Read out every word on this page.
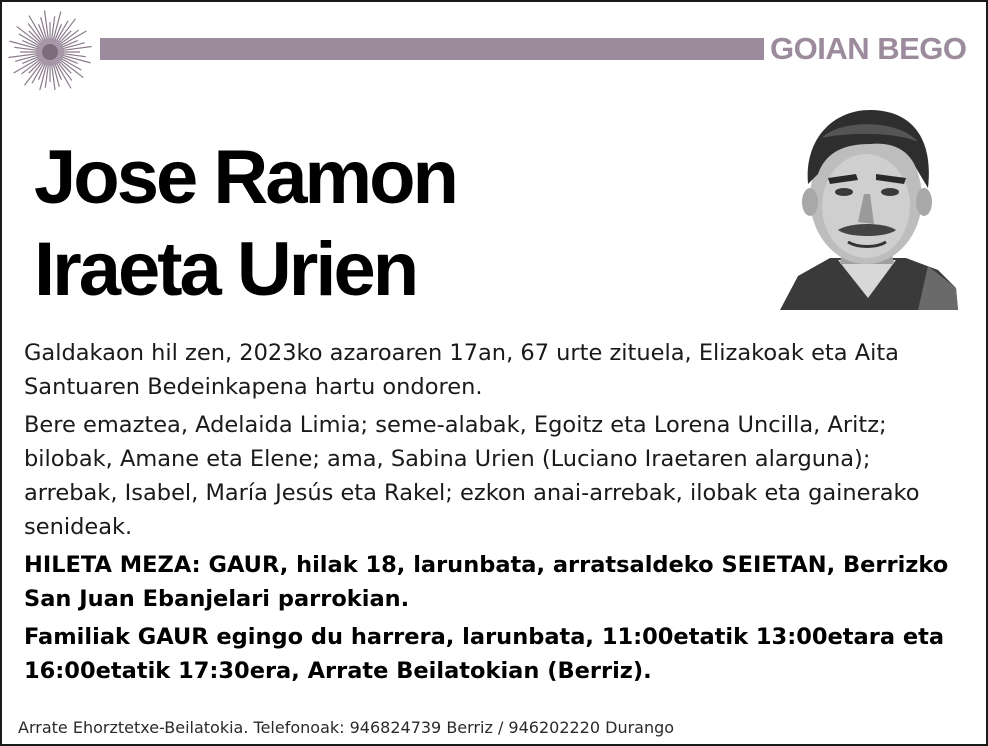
GOIAN BEGO
Jose Ramon
Iraeta Urien

Galdakaon hil zen, 2023ko azaroaren 17an, 67 urte zituela, Elizakoak eta Aita Santuaren Bedeinkapena hartu ondoren.

Bere emaztea, Adelaida Limia; seme-alabak, Egoitz eta Lorena Uncilla, Aritz; bilobak, Amane eta Elene; ama, Sabina Urien (Luciano Iraetaren alarguna); arrebak, Isabel, María Jesús eta Rakel; ezkon anai-arrebak, ilobak eta gainerako senideak.

HILETA MEZA: GAUR, hilak 18, larunbata, arratsaldeko SEIETAN, Berrizko San Juan Ebanjelari parrokian.

Familiak GAUR egingo du harrera, larunbata, 11:00etatik 13:00etara eta 16:00etatik 17:30era, Arrate Beilatokian (Berriz).

Arrate Ehorztetxe-Beilatokia. Telefonoak: 946824739 Berriz / 946202220 Durango
